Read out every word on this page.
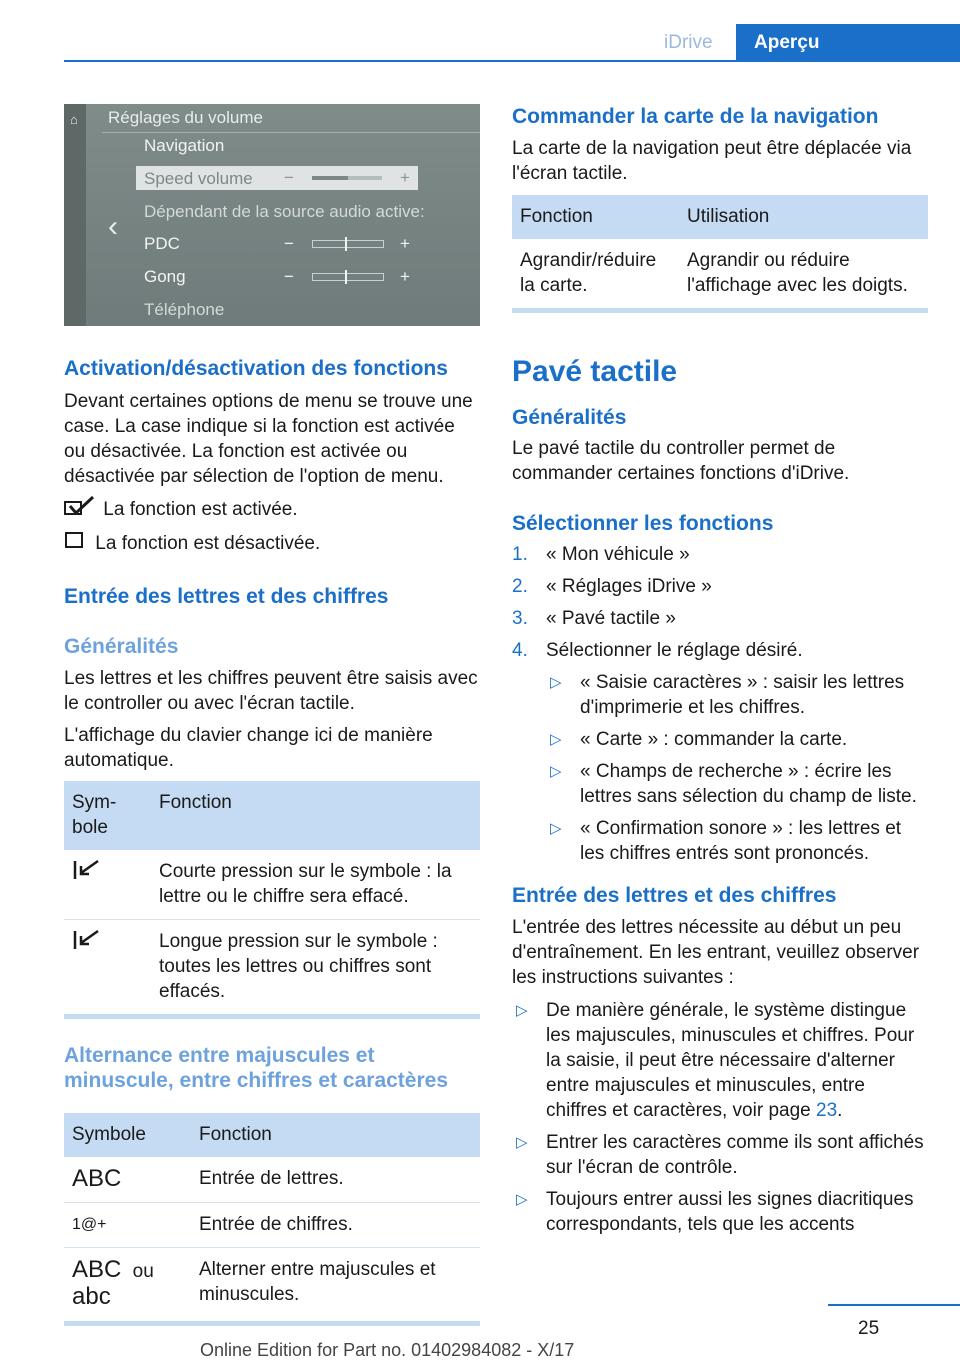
iDrive	Aperçu
⌂ Réglages du volume
‹
Navigation
Speed volume −	+
Dépendant de la source audio active:
PDC	−	+
Gong	−	+
Téléphone
Activation/désactivation des fonctions

Devant certaines options de menu se trouve une case. La case indique si la fonction est activée ou désactivée. La fonction est activée ou désactivée par sélection de l'option de menu.

La fonction est activée.

La fonction est désactivée.

Entrée des lettres et des chiffres
Généralités

Les lettres et les chiffres peuvent être saisis avec le controller ou avec l'écran tactile.

L'affichage du clavier change ici de manière automatique.

Sym-bole	Fonction
	Courte pression sur le symbole : la lettre ou le chiffre sera effacé.
	Longue pression sur le symbole : toutes les lettres ou chiffres sont effacés.
Alternance entre majuscules et minuscule, entre chiffres et caractères
Symbole	Fonction
ABC	Entrée de lettres.
1@+	Entrée de chiffres.
ABC ou
abc	Alterner entre majuscules et minuscules.
Commander la carte de la navigation

La carte de la navigation peut être déplacée via l'écran tactile.

Fonction	Utilisation
Agrandir/réduire la carte.	Agrandir ou réduire l'affichage avec les doigts.
Pavé tactile
Généralités

Le pavé tactile du controller permet de commander certaines fonctions d'iDrive.

Sélectionner les fonctions
1. « Mon véhicule »
2. « Réglages iDrive »
3. « Pavé tactile »
4. Sélectionner le réglage désiré.
▷ « Saisie caractères » : saisir les lettres d'imprimerie et les chiffres.
▷ « Carte » : commander la carte.
▷ « Champs de recherche » : écrire les lettres sans sélection du champ de liste.
▷ « Confirmation sonore » : les lettres et les chiffres entrés sont prononcés.
Entrée des lettres et des chiffres

L'entrée des lettres nécessite au début un peu d'entraînement. En les entrant, veuillez observer les instructions suivantes :

▷ De manière générale, le système distingue les majuscules, minuscules et chiffres. Pour la saisie, il peut être nécessaire d'alterner entre majuscules et minuscules, entre chiffres et caractères, voir page 23.
▷ Entrer les caractères comme ils sont affichés sur l'écran de contrôle.
▷ Toujours entrer aussi les signes diacritiques correspondants, tels que les accents
25
Online Edition for Part no. 01402984082 - X/17
